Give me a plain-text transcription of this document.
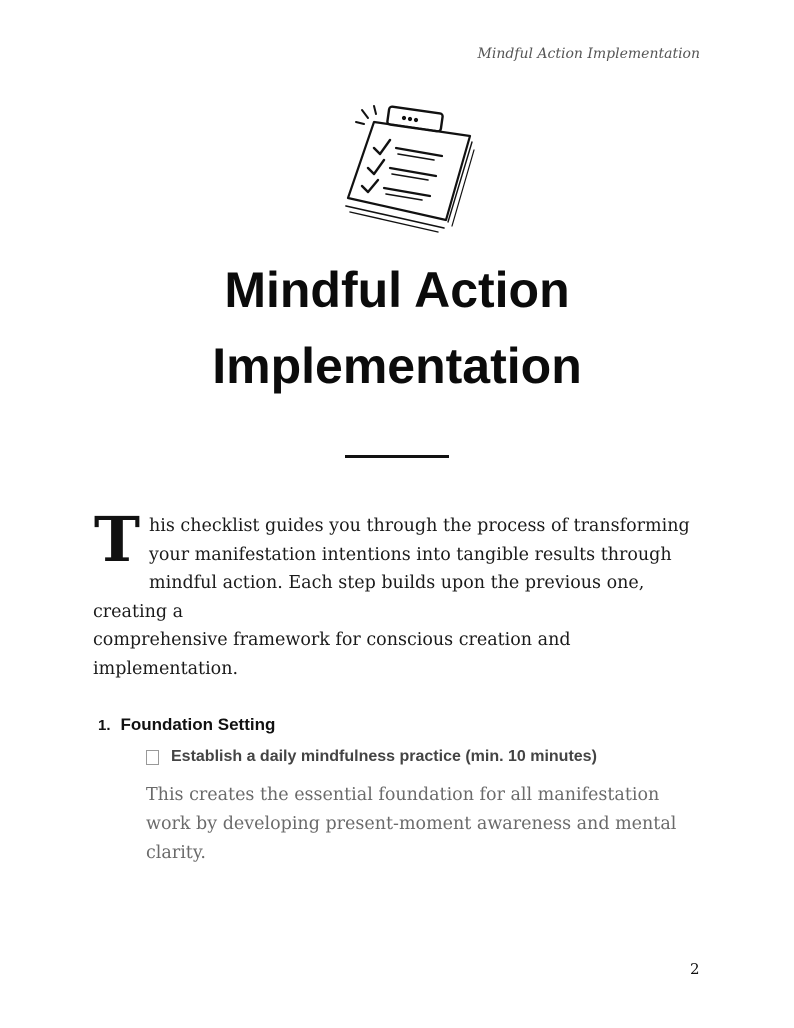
Mindful Action Implementation
Mindful Action
Implementation
T his checklist guides you through the process of transforming
your manifestation intentions into tangible results through
mindful action. Each step builds upon the previous one,
creating a
comprehensive framework for conscious creation and
implementation.
1. Foundation Setting
Establish a daily mindfulness practice (min. 10 minutes)
This creates the essential foundation for all manifestation
work by developing present-moment awareness and mental
clarity.
2
